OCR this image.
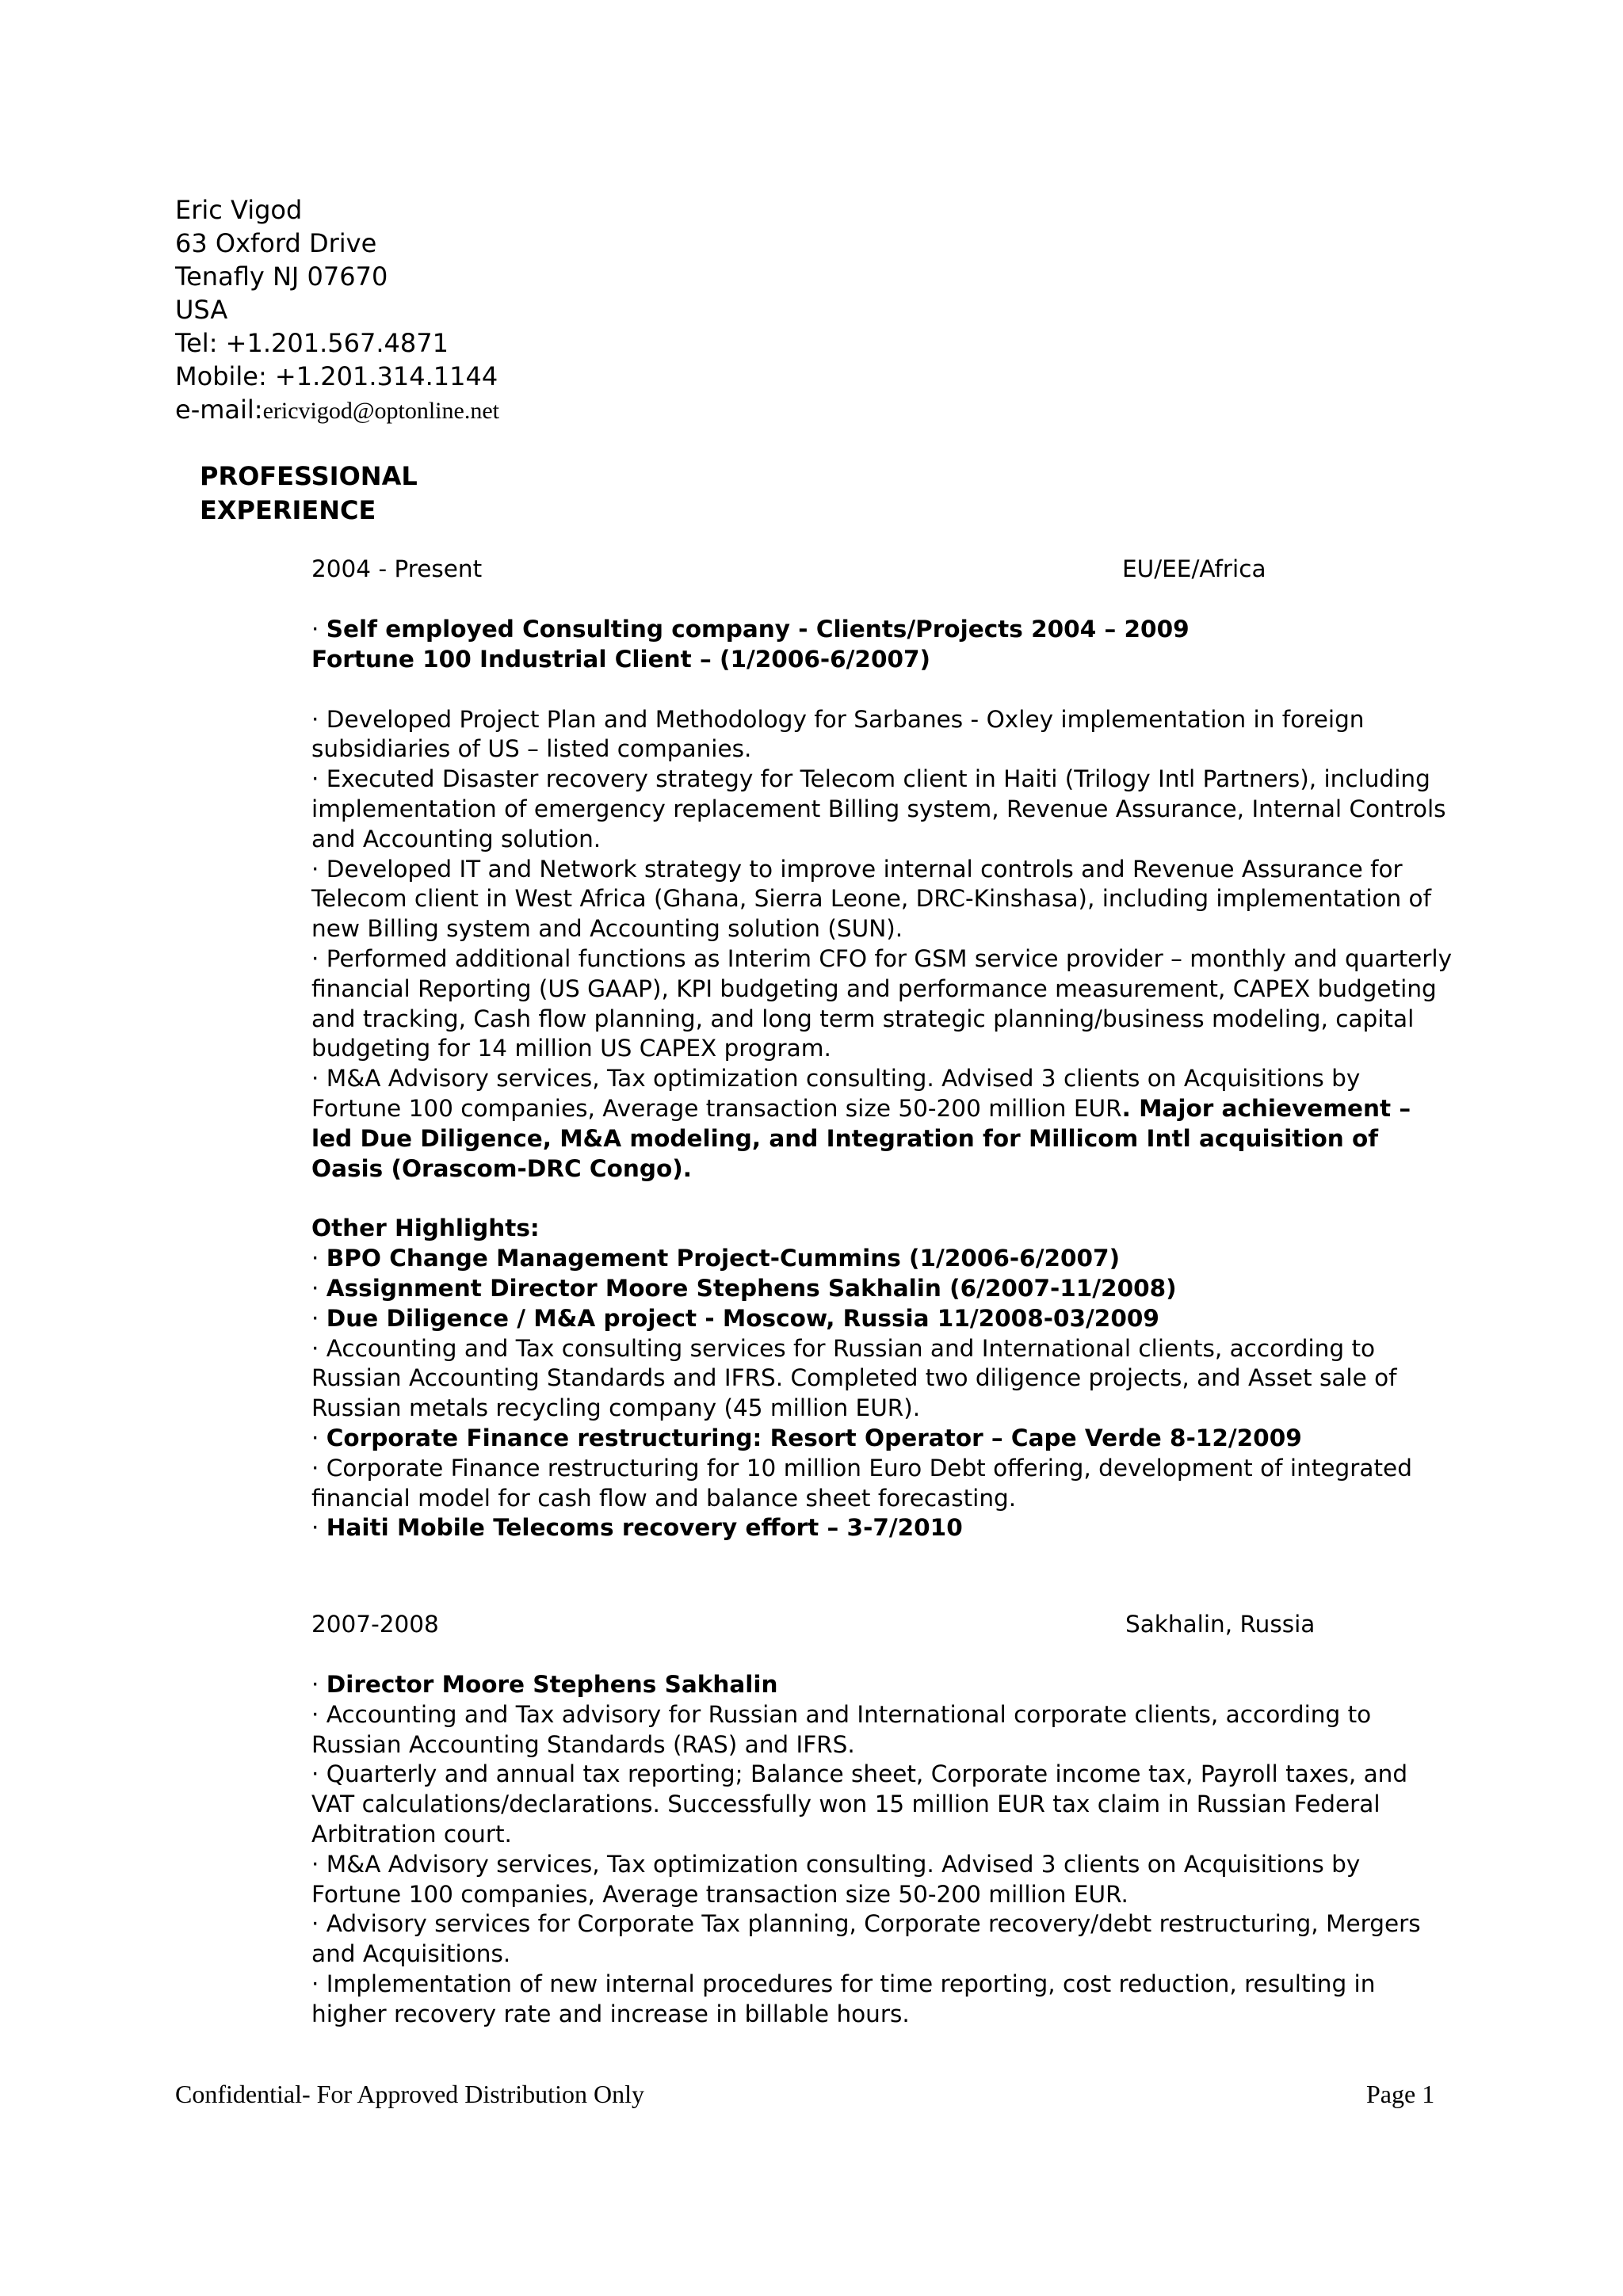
Eric Vigod
63 Oxford Drive
Tenafly NJ 07670
USA
Tel: +1.201.567.4871
Mobile: +1.201.314.1144
e-mail:ericvigod@optonline.net
PROFESSIONAL
EXPERIENCE
2004 - Present	EU/EE/Africa

· Self employed Consulting company - Clients/Projects 2004 – 2009

Fortune 100 Industrial Client – (1/2006-6/2007)

· Developed Project Plan and Methodology for Sarbanes - Oxley implementation in foreign subsidiaries of US – listed companies.

· Executed Disaster recovery strategy for Telecom client in Haiti (Trilogy Intl Partners), including implementation of emergency replacement Billing system, Revenue Assurance, Internal Controls and Accounting solution.

· Developed IT and Network strategy to improve internal controls and Revenue Assurance for Telecom client in West Africa (Ghana, Sierra Leone, DRC-Kinshasa), including implementation of new Billing system and Accounting solution (SUN).

· Performed additional functions as Interim CFO for GSM service provider – monthly and quarterly financial Reporting (US GAAP), KPI budgeting and performance measurement, CAPEX budgeting and tracking, Cash flow planning, and long term strategic planning/business modeling, capital budgeting for 14 million US CAPEX program.

· M&A Advisory services, Tax optimization consulting. Advised 3 clients on Acquisitions by Fortune 100 companies, Average transaction size 50-200 million EUR. Major achievement – led Due Diligence, M&A modeling, and Integration for Millicom Intl acquisition of Oasis (Orascom-DRC Congo).

Other Highlights:

· BPO Change Management Project-Cummins (1/2006-6/2007)

· Assignment Director Moore Stephens Sakhalin (6/2007-11/2008)

· Due Diligence / M&A project - Moscow, Russia 11/2008-03/2009

· Accounting and Tax consulting services for Russian and International clients, according to Russian Accounting Standards and IFRS. Completed two diligence projects, and Asset sale of Russian metals recycling company (45 million EUR).

· Corporate Finance restructuring: Resort Operator – Cape Verde 8-12/2009

· Corporate Finance restructuring for 10 million Euro Debt offering, development of integrated financial model for cash flow and balance sheet forecasting.

· Haiti Mobile Telecoms recovery effort – 3-7/2010

2007-2008	Sakhalin, Russia

· Director Moore Stephens Sakhalin

· Accounting and Tax advisory for Russian and International corporate clients, according to Russian Accounting Standards (RAS) and IFRS.

· Quarterly and annual tax reporting; Balance sheet, Corporate income tax, Payroll taxes, and VAT calculations/declarations. Successfully won 15 million EUR tax claim in Russian Federal Arbitration court.

· M&A Advisory services, Tax optimization consulting. Advised 3 clients on Acquisitions by Fortune 100 companies, Average transaction size 50-200 million EUR.

· Advisory services for Corporate Tax planning, Corporate recovery/debt restructuring, Mergers and Acquisitions.

· Implementation of new internal procedures for time reporting, cost reduction, resulting in higher recovery rate and increase in billable hours.

Confidential- For Approved Distribution Only	Page 1
